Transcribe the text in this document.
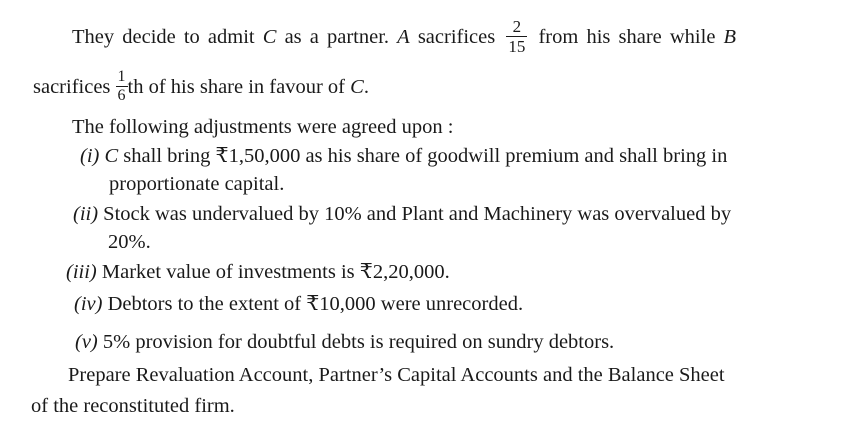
They decide to admit C as a partner. A sacrifices $\frac{2}{15}$ from his share while B
sacrifices $\frac{1}{6}$ th of his share in favour of C.
The following adjustments were agreed upon :
(i) C shall bring ₹1,50,000 as his share of goodwill premium and shall bring in
proportionate capital.
(ii) Stock was undervalued by 10% and Plant and Machinery was overvalued by
20%.
(iii) Market value of investments is ₹2,20,000.
(iv) Debtors to the extent of ₹10,000 were unrecorded.
(v) 5% provision for doubtful debts is required on sundry debtors.
Prepare Revaluation Account, Partner’s Capital Accounts and the Balance Sheet
of the reconstituted firm.
